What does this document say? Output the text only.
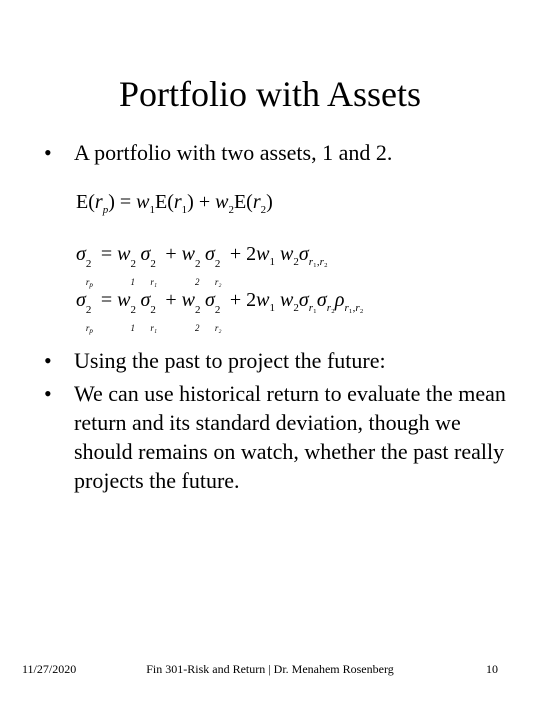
Portfolio with Assets
• A portfolio with two assets, 1 and 2.
$E(r_p) = w_1E(r_1) + w_2E(r_2)$
σ 2
$r_p$
= w 2
1
σ 2
r₁
+ w 2
2
σ 2
r₂
+ $2w_1$ $w_2\sigma_{r_1,r_2}$
σ 2
$r_p$
= w 2
1
σ 2
r₁
+ w 2
2
σ 2
r₂
+ $2w_1$ $w_2\sigma_{r_1}\sigma_{r_2}\rho_{r_1,r_2}$
• Using the past to project the future:
• We can use historical return to evaluate the mean return and its standard deviation, though we should remains on watch, whether the past really projects the future.
11/27/2020	Fin 301-Risk and Return | Dr. Menahem Rosenberg	10
